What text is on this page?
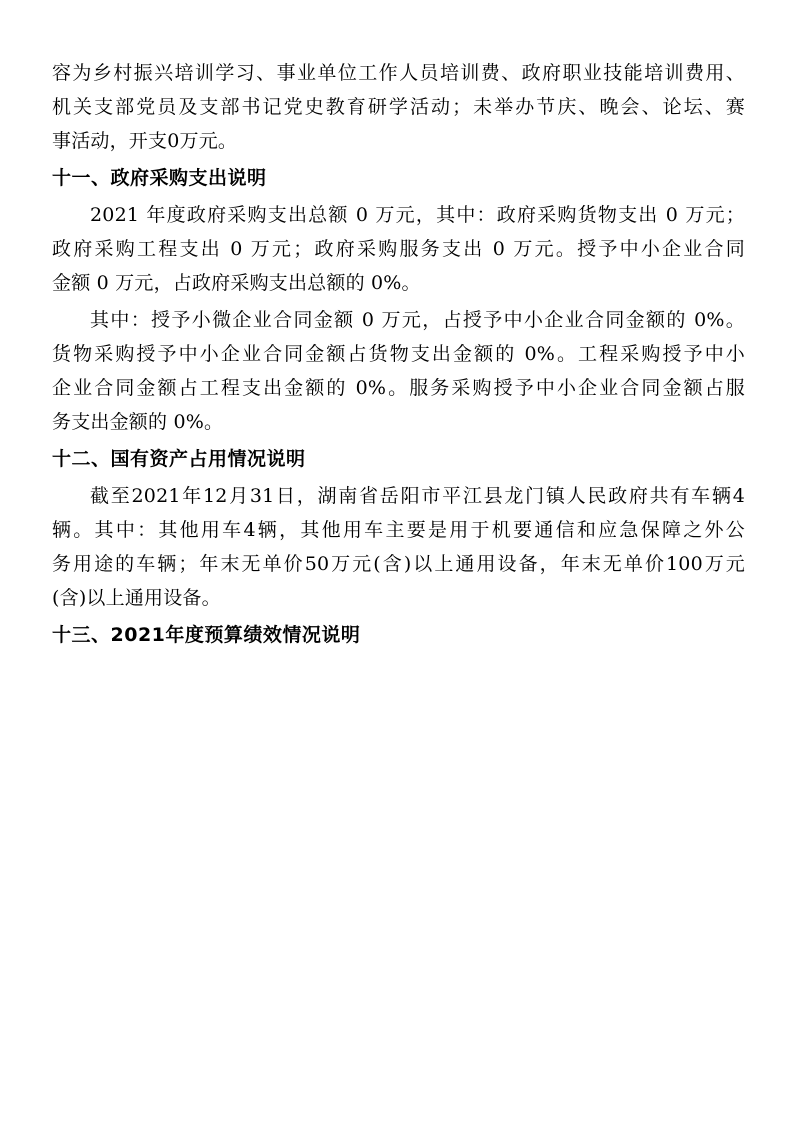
容为乡村振兴培训学习、事业单位工作人员培训费、政府职业技能培训费用、
机关支部党员及支部书记党史教育研学活动；未举办节庆、晚会、论坛、赛
事活动，开支0万元。
十一、政府采购支出说明
2021 年度政府采购支出总额 0 万元，其中：政府采购货物支出 0 万元；
政府采购工程支出 0 万元；政府采购服务支出 0 万元。授予中小企业合同
金额 0 万元，占政府采购支出总额的 0%。
其中：授予小微企业合同金额 0 万元，占授予中小企业合同金额的 0%。
货物采购授予中小企业合同金额占货物支出金额的 0%。工程采购授予中小
企业合同金额占工程支出金额的 0%。服务采购授予中小企业合同金额占服
务支出金额的 0%。
十二、国有资产占用情况说明
截至2021年12月31日，湖南省岳阳市平江县龙门镇人民政府共有车辆4
辆。其中：其他用车4辆，其他用车主要是用于机要通信和应急保障之外公
务用途的车辆；年末无单价50万元(含)以上通用设备，年末无单价100万元
(含)以上通用设备。
十三、2021年度预算绩效情况说明
